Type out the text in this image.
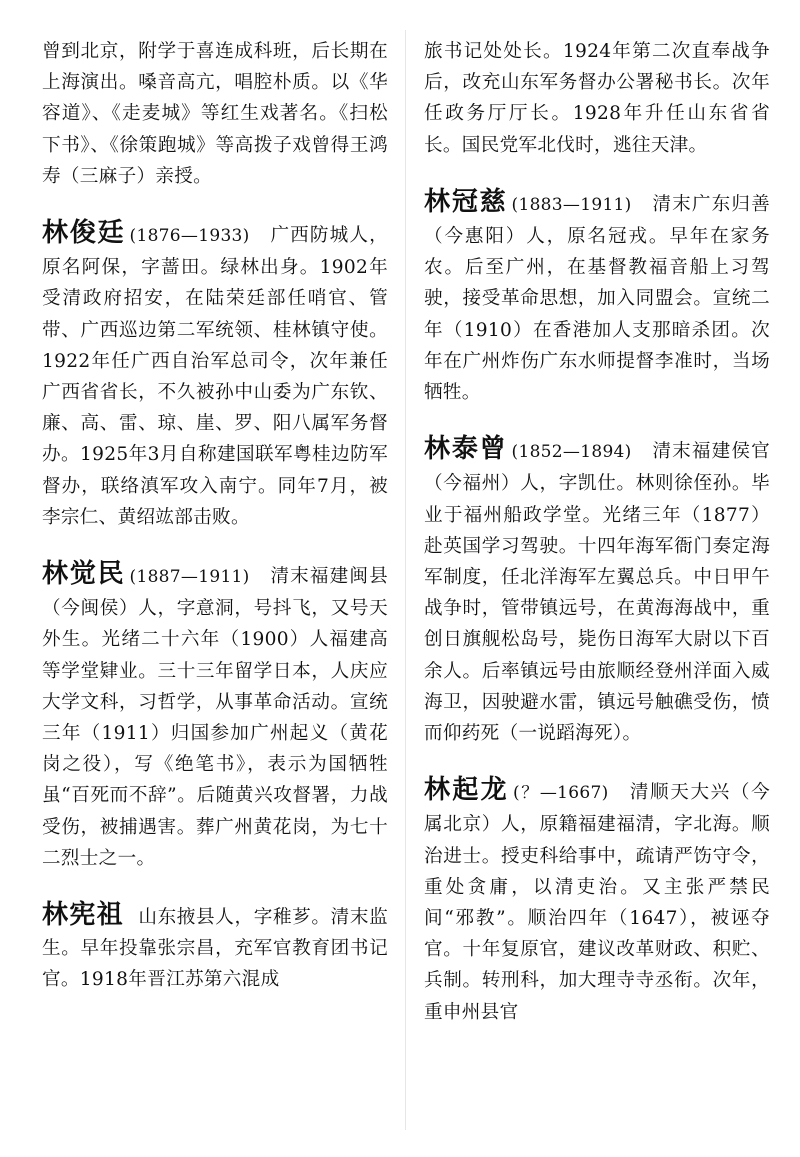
曾到北京，附学于喜连成科班，后长期在上海演出。嗓音高亢，唱腔朴质。以《华容道》、《走麦城》等红生戏著名。《扫松下书》、《徐策跑城》等高拨子戏曾得王鸿寿（三麻子）亲授。

林俊廷 (1876—1933) 广西防城人，原名阿保，字蔷田。绿林出身。1902年受清政府招安，在陆荣廷部任哨官、管带、广西巡边第二军统领、桂林镇守使。1922年任广西自治军总司令，次年兼任广西省省长，不久被孙中山委为广东钦、廉、高、雷、琼、崖、罗、阳八属军务督办。1925年3月自称建国联军粤桂边防军督办，联络滇军攻入南宁。同年7月，被李宗仁、黄绍竑部击败。

林觉民 (1887—1911) 清末福建闽县（今闽侯）人，字意洞，号抖飞，又号天外生。光绪二十六年（1900）人福建高等学堂肄业。三十三年留学日本，人庆应大学文科，习哲学，从事革命活动。宣统三年（1911）归国参加广州起义（黄花岗之役），写《绝笔书》，表示为国牺牲虽“百死而不辞”。后随黄兴攻督署，力战受伤，被捕遇害。葬广州黄花岗，为七十二烈士之一。

林宪祖 山东掖县人，字稚芗。清末监生。早年投靠张宗昌，充军官教育团书记官。1918年晋江苏第六混成

旅书记处处长。1924年第二次直奉战争后，改充山东军务督办公署秘书长。次年任政务厅厅长。1928年升任山东省省长。国民党军北伐时，逃往天津。

林冠慈 (1883—1911) 清末广东归善（今惠阳）人，原名冠戎。早年在家务农。后至广州，在基督教福音船上习驾驶，接受革命思想，加入同盟会。宣统二年（1910）在香港加人支那暗杀团。次年在广州炸伤广东水师提督李准时，当场牺牲。

林泰曾 (1852—1894) 清末福建侯官（今福州）人，字凯仕。林则徐侄孙。毕业于福州船政学堂。光绪三年（1877）赴英国学习驾驶。十四年海军衙门奏定海军制度，任北洋海军左翼总兵。中日甲午战争时，管带镇远号，在黄海海战中，重创日旗舰松岛号，毙伤日海军大尉以下百余人。后率镇远号由旅顺经登州洋面入威海卫，因驶避水雷，镇远号触礁受伤，愤而仰药死（一说蹈海死）。

林起龙 (？—1667) 清顺天大兴（今属北京）人，原籍福建福清，字北海。顺治进士。授吏科给事中，疏请严饬守令，重处贪庸，以清吏治。又主张严禁民间“邪教”。顺治四年（1647），被诬夺官。十年复原官，建议改革财政、积贮、兵制。转刑科，加大理寺寺丞衔。次年，重申州县官
